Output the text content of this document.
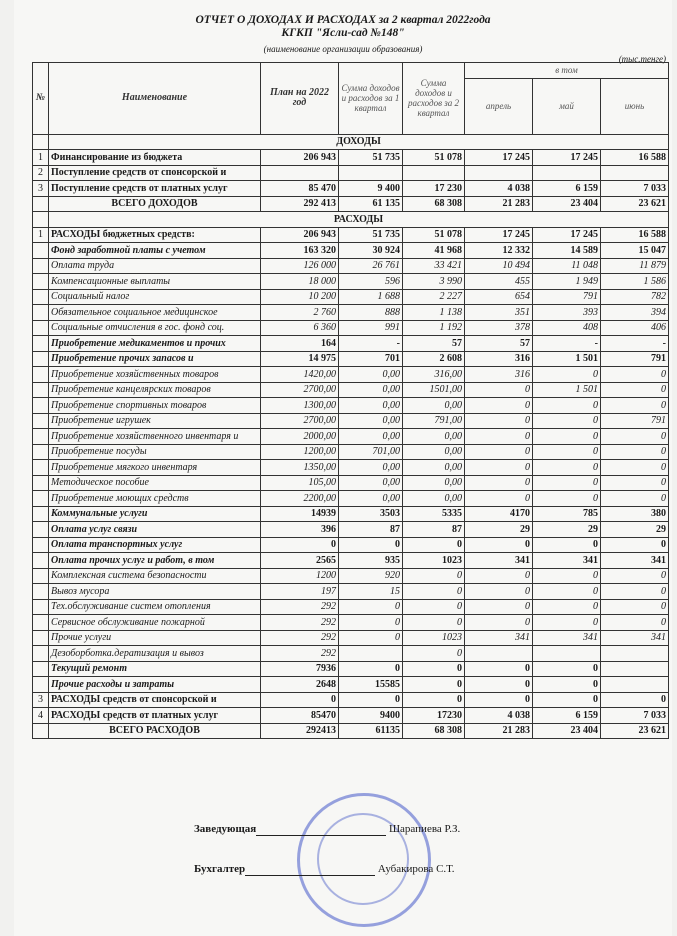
ОТЧЕТ О ДОХОДАХ И РАСХОДАХ за 2 квартал 2022года
КГКП "Ясли-сад №148"
(наименование организации образования)
(тыс.тенге)
№	Наименование	План на 2022 год	Сумма доходов и расходов за 1 квартал	Сумма доходов и расходов за 2 квартал	в том		
					апрель	май	июнь
	ДОХОДЫ						
1	Финансирование из бюджета	206 943	51 735	51 078	17 245	17 245	16 588
2	Поступление средств от спонсорской и						
3	Поступление средств от платных услуг	85 470	9 400	17 230	4 038	6 159	7 033
	ВСЕГО ДОХОДОВ	292 413	61 135	68 308	21 283	23 404	23 621
	РАСХОДЫ						
1	РАСХОДЫ бюджетных средств:	206 943	51 735	51 078	17 245	17 245	16 588
	Фонд заработной платы с учетом	163 320	30 924	41 968	12 332	14 589	15 047
	Оплата труда	126 000	26 761	33 421	10 494	11 048	11 879
	Компенсационные выплаты	18 000	596	3 990	455	1 949	1 586
	Социальный налог	10 200	1 688	2 227	654	791	782
	Обязательное социальное медицинское	2 760	888	1 138	351	393	394
	Социальные отчисления в гос. фонд соц.	6 360	991	1 192	378	408	406
	Приобретение медикаментов и прочих	164	-	57	57	-	-
	Приобретение прочих запасов и	14 975	701	2 608	316	1 501	791
	Приобретение хозяйственных товаров	1420,00	0,00	316,00	316	0	0
	Приобретение канцелярских товаров	2700,00	0,00	1501,00	0	1 501	0
	Приобретение спортивных товаров	1300,00	0,00	0,00	0	0	0
	Приобретение игрушек	2700,00	0,00	791,00	0	0	791
	Приобретение хозяйственного инвентаря и	2000,00	0,00	0,00	0	0	0
	Приобретение посуды	1200,00	701,00	0,00	0	0	0
	Приобретение мягкого инвентаря	1350,00	0,00	0,00	0	0	0
	Методическое пособие	105,00	0,00	0,00	0	0	0
	Приобретение моющих средств	2200,00	0,00	0,00	0	0	0
	Коммунальные услуги	14939	3503	5335	4170	785	380
	Оплата услуг связи	396	87	87	29	29	29
	Оплата транспортных услуг	0	0	0	0	0	0
	Оплата прочих услуг и работ, в том	2565	935	1023	341	341	341
	Комплексная система безопасности	1200	920	0	0	0	0
	Вывоз мусора	197	15	0	0	0	0
	Тех.обслуживание систем отопления	292	0	0	0	0	0
	Сервисное обслуживание пожарной	292	0	0	0	0	0
	Прочие услуги	292	0	1023	341	341	341
	Дезоборботка.дератизация и вывоз	292		0			
	Текущий ремонт	7936	0	0	0	0	
	Прочие расходы и затраты	2648	15585	0	0	0	
3	РАСХОДЫ средств от спонсорской и	0	0	0	0	0	0
4	РАСХОДЫ средств от платных услуг	85470	9400	17230	4 038	6 159	7 033
	ВСЕГО РАСХОДОВ	292413	61135	68 308	21 283	23 404	23 621
Заведующая	Шарапиева Р.З.
Бухгалтер	Аубакирова С.Т.
